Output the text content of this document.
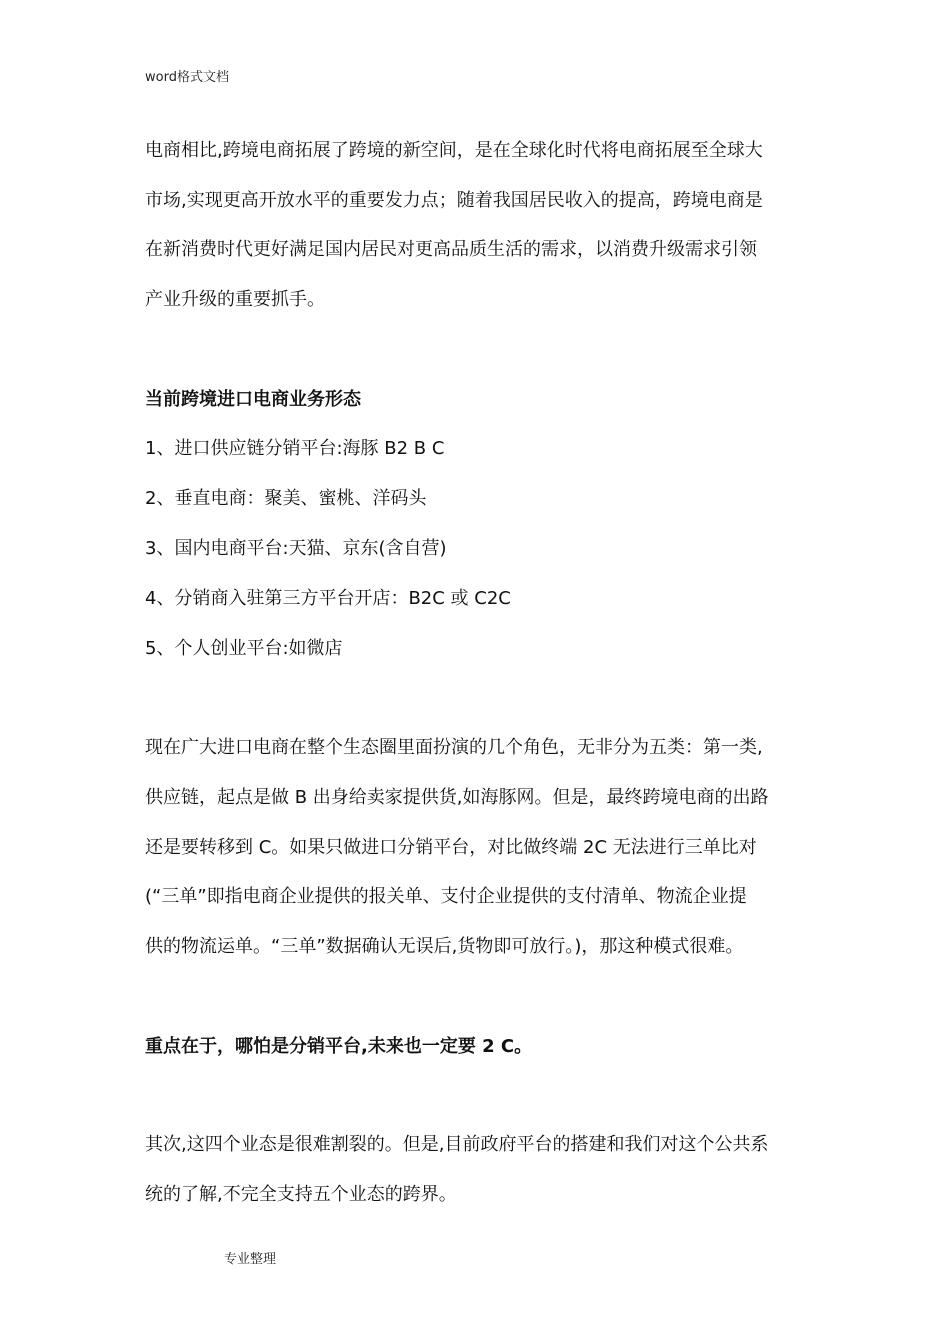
word格式文档
电商相比,跨境电商拓展了跨境的新空间，是在全球化时代将电商拓展至全球大
市场,实现更高开放水平的重要发力点；随着我国居民收入的提高，跨境电商是
在新消费时代更好满足国内居民对更高品质生活的需求，以消费升级需求引领
产业升级的重要抓手。
当前跨境进口电商业务形态
1、进口供应链分销平台:海豚 B2 B C
2、垂直电商：聚美、蜜桃、洋码头
3、国内电商平台:天猫、京东(含自营)
4、分销商入驻第三方平台开店：B2C 或 C2C
5、个人创业平台:如微店
现在广大进口电商在整个生态圈里面扮演的几个角色，无非分为五类：第一类,
供应链，起点是做 B 出身给卖家提供货,如海豚网。但是，最终跨境电商的出路
还是要转移到 C。如果只做进口分销平台，对比做终端 2C 无法进行三单比对
(“三单”即指电商企业提供的报关单、支付企业提供的支付清单、物流企业提
供的物流运单。“三单”数据确认无误后,货物即可放行。)，那这种模式很难。
重点在于，哪怕是分销平台,未来也一定要 2 C。
其次,这四个业态是很难割裂的。但是,目前政府平台的搭建和我们对这个公共系
统的了解,不完全支持五个业态的跨界。
专业整理
